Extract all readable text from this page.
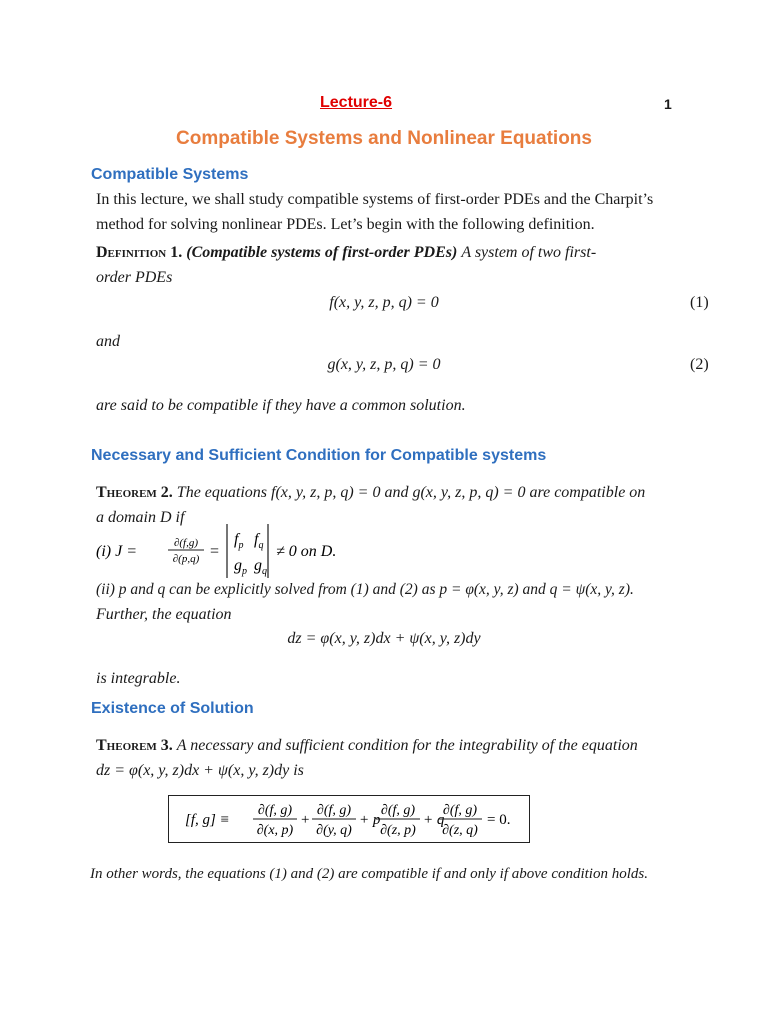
Lecture-6	1
Compatible Systems and Nonlinear Equations
Compatible Systems
In this lecture, we shall study compatible systems of first-order PDEs and the Charpit’s
method for solving nonlinear PDEs. Let’s begin with the following definition.
Definition 1. (Compatible systems of first-order PDEs) A system of two first-
order PDEs
f(x, y, z, p, q) = 0	(1)
and
g(x, y, z, p, q) = 0	(2)
are said to be compatible if they have a common solution.
Necessary and Sufficient Condition for Compatible systems
Theorem 2. The equations f(x, y, z, p, q) = 0 and g(x, y, z, p, q) = 0 are compatible on
a domain D if
(i) J =	∂(f,g)
∂(p,q) =
$f_p$ $f_q$
$g_p$ $g_q$
≠ 0 on D.
(ii) p and q can be explicitly solved from (1) and (2) as p = φ(x, y, z) and q = ψ(x, y, z).
Further, the equation
dz = φ(x, y, z)dx + ψ(x, y, z)dy
is integrable.
Existence of Solution
Theorem 3. A necessary and sufficient condition for the integrability of the equation
dz = φ(x, y, z)dx + ψ(x, y, z)dy is
[f, g] ≡
∂(f, g)
∂(x, p)
+
∂(f, g)
∂(y, q)
+ p
∂(f, g)
∂(z, p)
+ q
∂(f, g)
∂(z, q)
= 0.
In other words, the equations (1) and (2) are compatible if and only if above condition holds.
